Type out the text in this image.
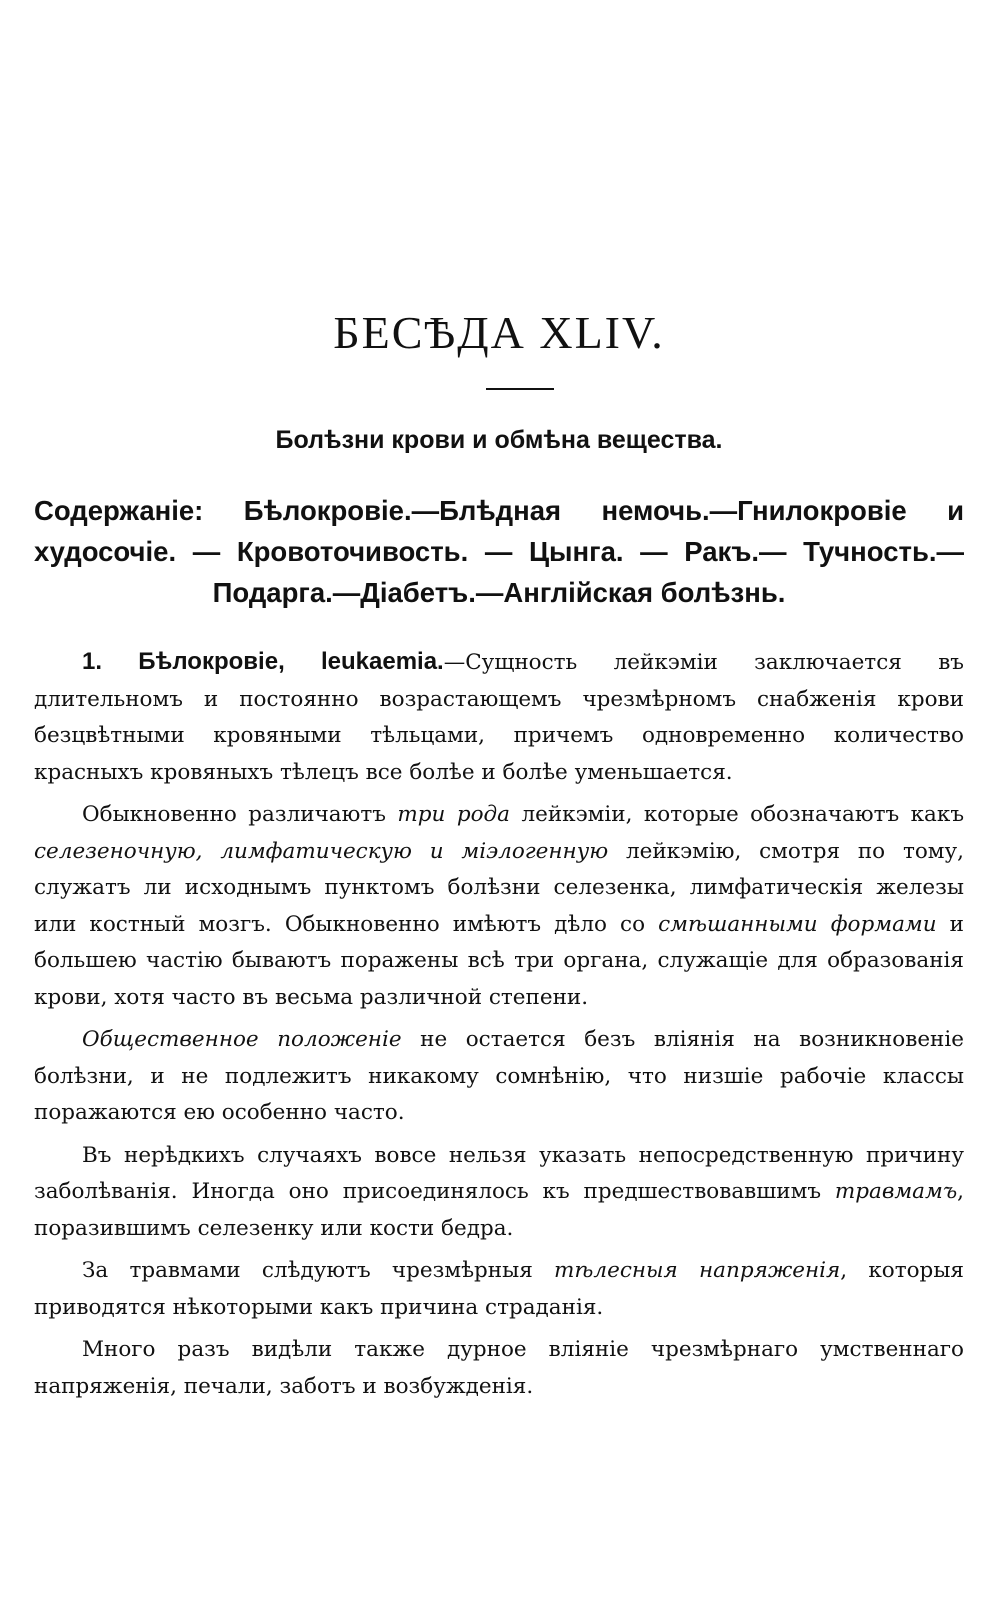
БЕСѢДА XLIV.
Болѣзни крови и обмѣна вещества.
Содержаніе: Бѣлокровіе.—Блѣдная немочь.—Гнилокровіе и худосочіе. — Кровоточивость. — Цынга. — Ракъ.— Тучность.—Подарга.—Діабетъ.—Англійская болѣзнь.

1. Бѣлокровіе, leukaemia.—Сущность лейкэміи заключается въ длительномъ и постоянно возрастающемъ чрезмѣрномъ снабженія крови безцвѣтными кровяными тѣльцами, причемъ одновременно количество красныхъ кровяныхъ тѣлецъ все болѣе и болѣе уменьшается.

Обыкновенно различаютъ три рода лейкэміи, которые обозначаютъ какъ селезеночную, лимфатическую и міэлогенную лейкэмію, смотря по тому, служатъ ли исходнымъ пунктомъ болѣзни селезенка, лимфатическія железы или костный мозгъ. Обыкновенно имѣютъ дѣло со смѣшанными формами и большею частію бываютъ поражены всѣ три органа, служащіе для образованія крови, хотя часто въ весьма различной степени.

Общественное положеніе не остается безъ вліянія на возникновеніе болѣзни, и не подлежитъ никакому сомнѣнію, что низшіе рабочіе классы поражаются ею особенно часто.

Въ нерѣдкихъ случаяхъ вовсе нельзя указать непосредственную причину заболѣванія. Иногда оно присоединялось къ предшествовавшимъ травмамъ, поразившимъ селезенку или кости бедра.

За травмами слѣдуютъ чрезмѣрныя тѣлесныя напряженія, которыя приводятся нѣкоторыми какъ причина страданія.

Много разъ видѣли также дурное вліяніе чрезмѣрнаго умственнаго напряженія, печали, заботъ и возбужденія.
